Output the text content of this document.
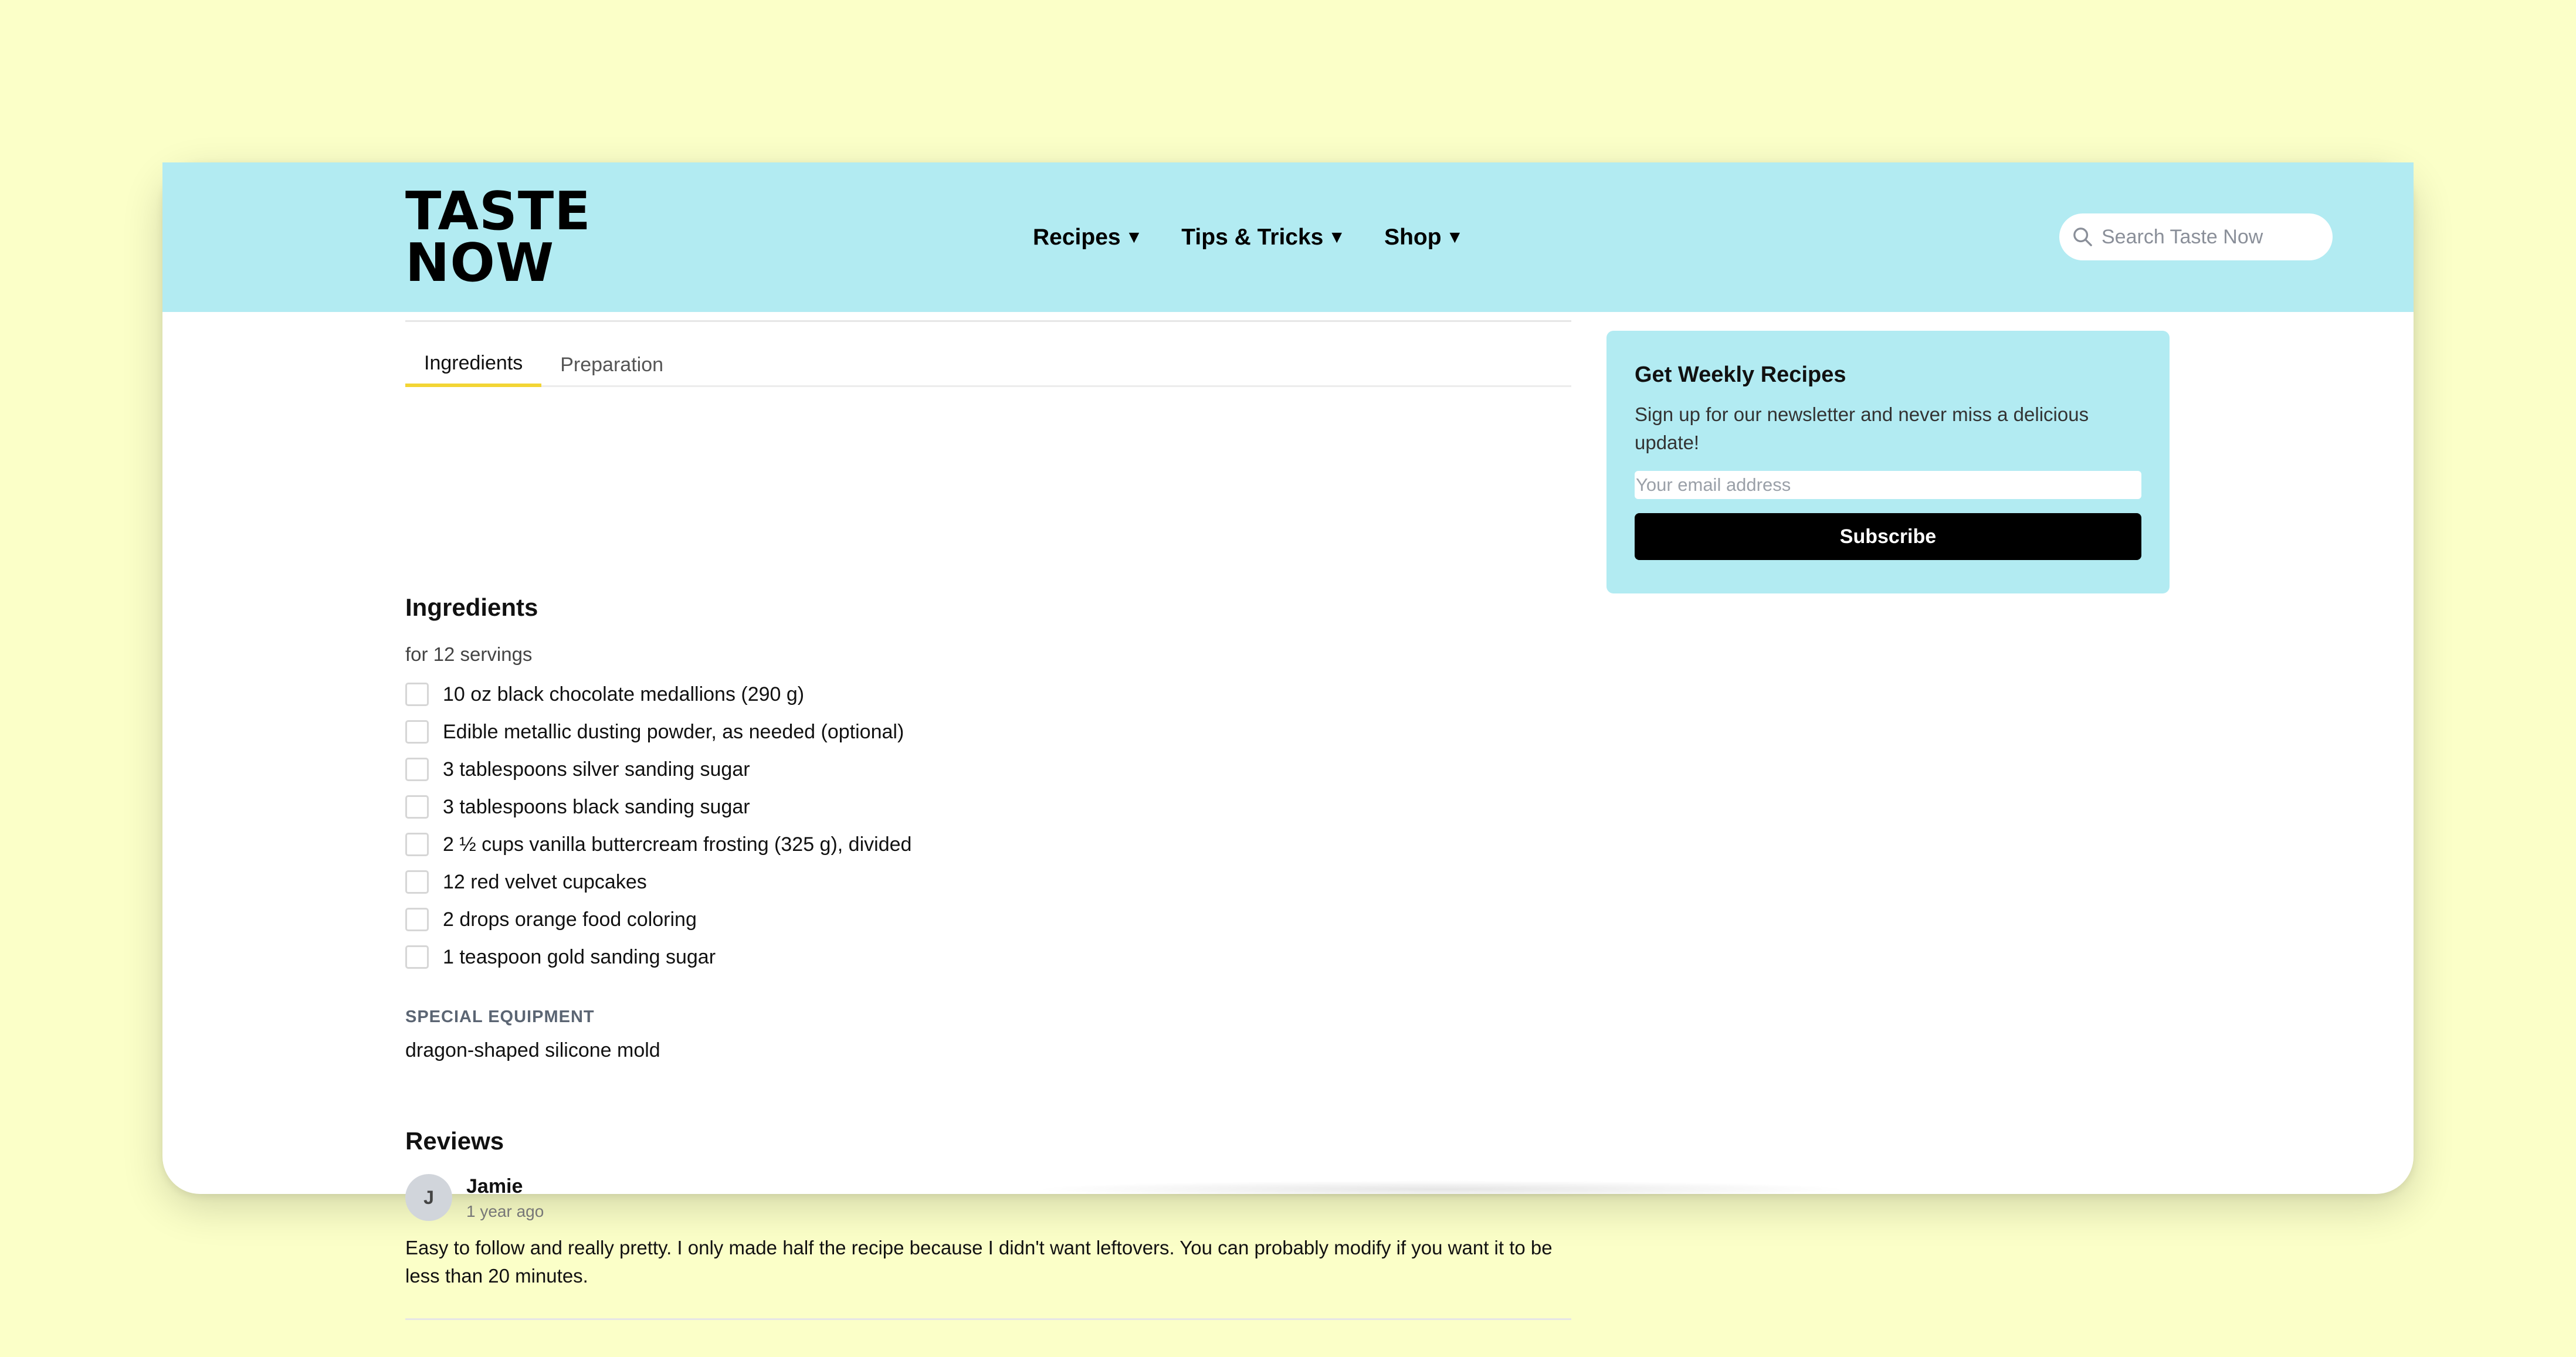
TASTE
NOW	Recipes ▼ Tips & Tricks ▼ Shop ▼
Search Taste Now
Ingredients	Preparation
Ingredients
for 12 servings
10 oz black chocolate medallions (290 g)
Edible metallic dusting powder, as needed (optional)
3 tablespoons silver sanding sugar
3 tablespoons black sanding sugar
2 ½ cups vanilla buttercream frosting (325 g), divided
12 red velvet cupcakes
2 drops orange food coloring
1 teaspoon gold sanding sugar
SPECIAL EQUIPMENT
dragon-shaped silicone mold
Reviews
J	Jamie
1 year ago
Easy to follow and really pretty. I only made half the recipe because I didn't want leftovers. You can probably modify if you want it to be less than 20 minutes.
Get Weekly Recipes
Sign up for our newsletter and never miss a delicious update!
Your email address
Subscribe
